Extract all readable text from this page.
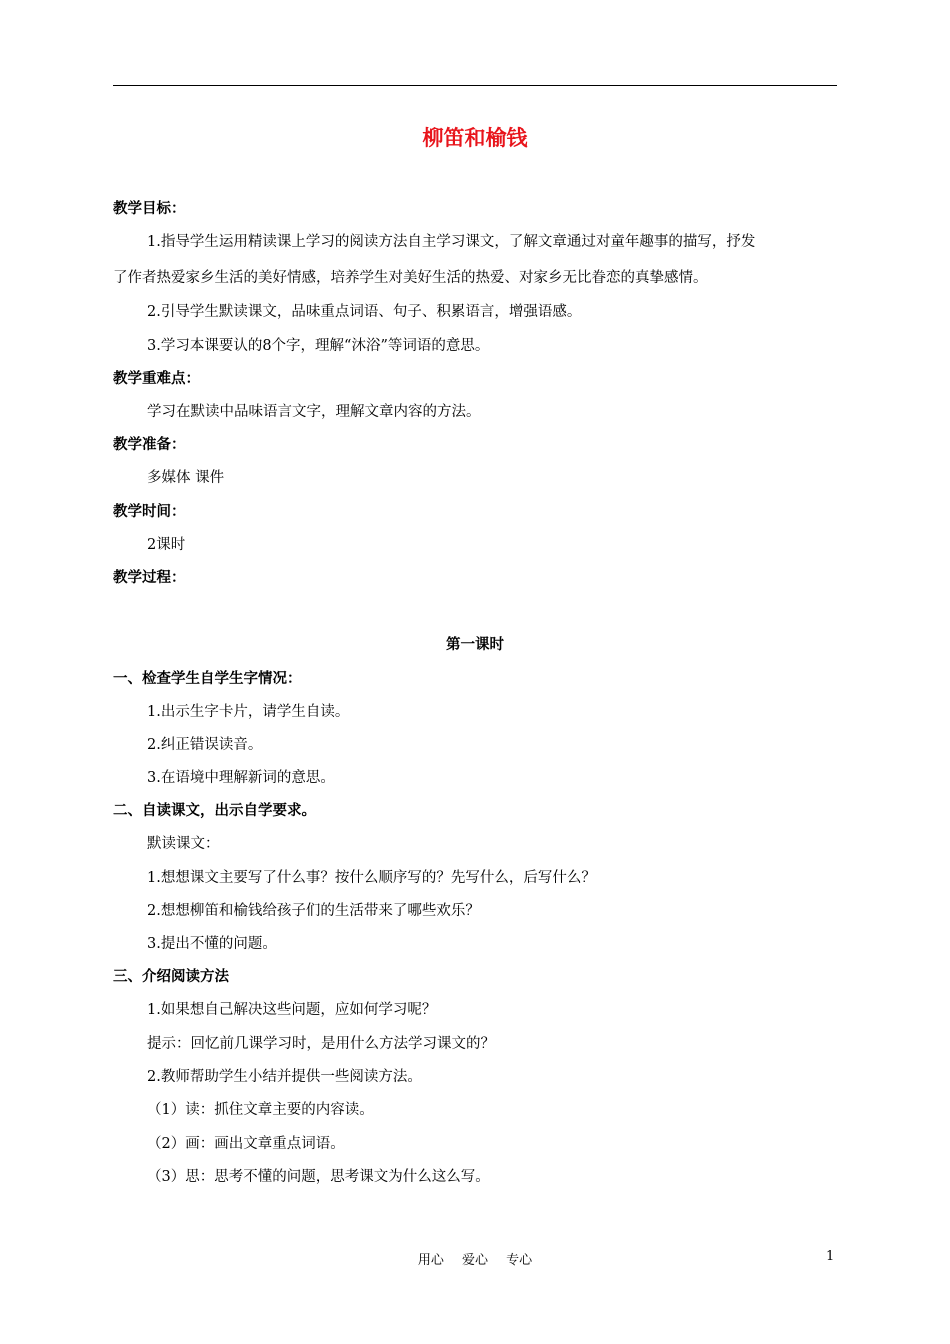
柳笛和榆钱
教学目标：
1.指导学生运用精读课上学习的阅读方法自主学习课文，了解文章通过对童年趣事的描写，抒发
了作者热爱家乡生活的美好情感，培养学生对美好生活的热爱、对家乡无比眷恋的真挚感情。
2.引导学生默读课文，品味重点词语、句子、积累语言，增强语感。
3.学习本课要认的8个字，理解“沐浴”等词语的意思。
教学重难点：
学习在默读中品味语言文字，理解文章内容的方法。
教学准备：
多媒体 课件
教学时间：
2课时
教学过程：
第一课时
一、检查学生自学生字情况：
1.出示生字卡片，请学生自读。
2.纠正错误读音。
3.在语境中理解新词的意思。
二、自读课文，出示自学要求。
默读课文：
1.想想课文主要写了什么事？按什么顺序写的？先写什么，后写什么？
2.想想柳笛和榆钱给孩子们的生活带来了哪些欢乐？
3.提出不懂的问题。
三、介绍阅读方法
1.如果想自己解决这些问题，应如何学习呢？
提示：回忆前几课学习时，是用什么方法学习课文的？
2.教师帮助学生小结并提供一些阅读方法。
（1）读：抓住文章主要的内容读。
（2）画：画出文章重点词语。
（3）思：思考不懂的问题，思考课文为什么这么写。
用心 爱心 专心	1
